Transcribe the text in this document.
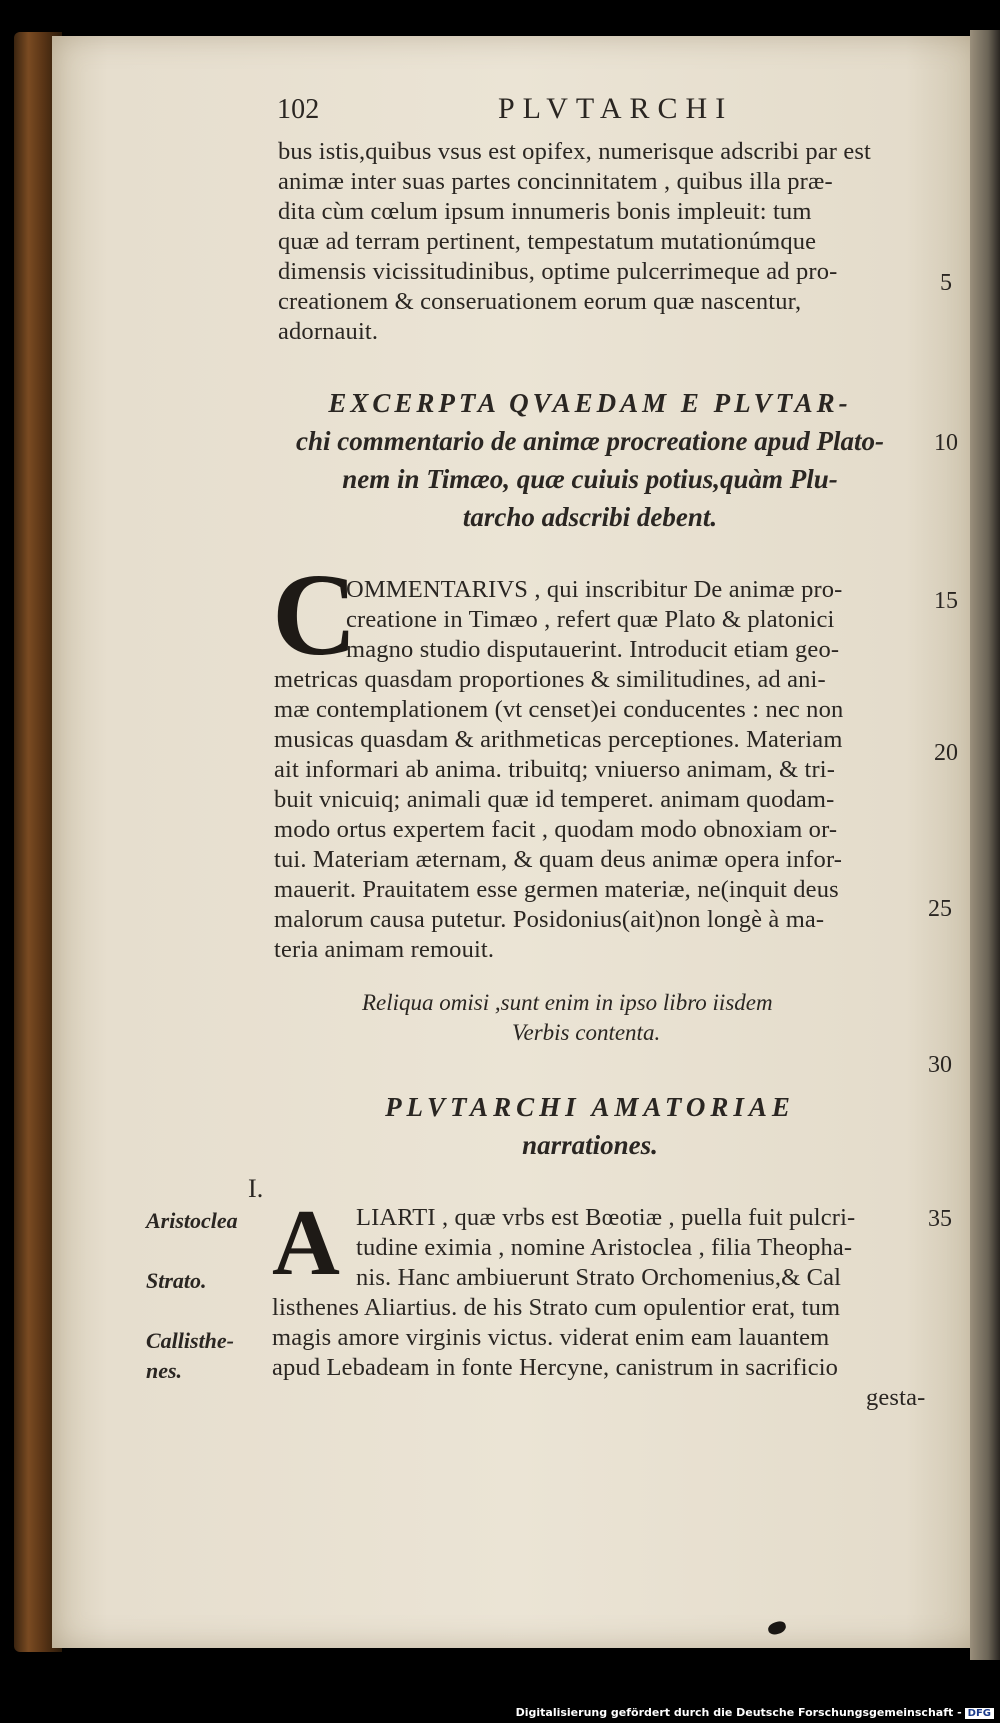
102	PLVTARCHI
bus istis,quibus vsus est opifex, numerisque adscribi par est
animæ inter suas partes concinnitatem , quibus illa præ-
dita cùm cœlum ipsum innumeris bonis impleuit: tum
quæ ad terram pertinent, tempestatum mutationúmque
dimensis vicissitudinibus, optime pulcerrimeque ad pro-
creationem & conseruationem eorum quæ nascentur,
adornauit.
EXCERPTA QVAEDAM E PLVTAR-
chi commentario de animæ procreatione apud Plato-
nem in Timæo, quæ cuiuis potius,quàm Plu-
tarcho adscribi debent.
C
OMMENTARIVS , qui inscribitur De animæ pro-
creatione in Timæo , refert quæ Plato & platonici
magno studio disputauerint. Introducit etiam geo-
metricas quasdam proportiones & similitudines, ad ani-
mæ contemplationem (vt censet)ei conducentes : nec non
musicas quasdam & arithmeticas perceptiones. Materiam
ait informari ab anima. tribuitq; vniuerso animam, & tri-
buit vnicuiq; animali quæ id temperet. animam quodam-
modo ortus expertem facit , quodam modo obnoxiam or-
tui. Materiam æternam, & quam deus animæ opera infor-
mauerit. Prauitatem esse germen materiæ, ne(inquit deus
malorum causa putetur. Posidonius(ait)non longè à ma-
teria animam remouit.
Reliqua omisi ,sunt enim in ipso libro iisdem
Verbis contenta.
PLVTARCHI AMATORIAE
narrationes.
I.
A LIARTI , quæ vrbs est Bœotiæ , puella fuit pulcri-
tudine eximia , nomine Aristoclea , filia Theopha-
nis. Hanc ambiuerunt Strato Orchomenius,& Cal
listhenes Aliartius. de his Strato cum opulentior erat, tum
magis amore virginis victus. viderat enim eam lauantem
apud Lebadeam in fonte Hercyne, canistrum in sacrificio
gesta-
Aristoclea
Strato.
Callisthe-
nes.
5
10
15
20
25
30
35
Digitalisierung gefördert durch die Deutsche Forschungsgemeinschaft - DFG
